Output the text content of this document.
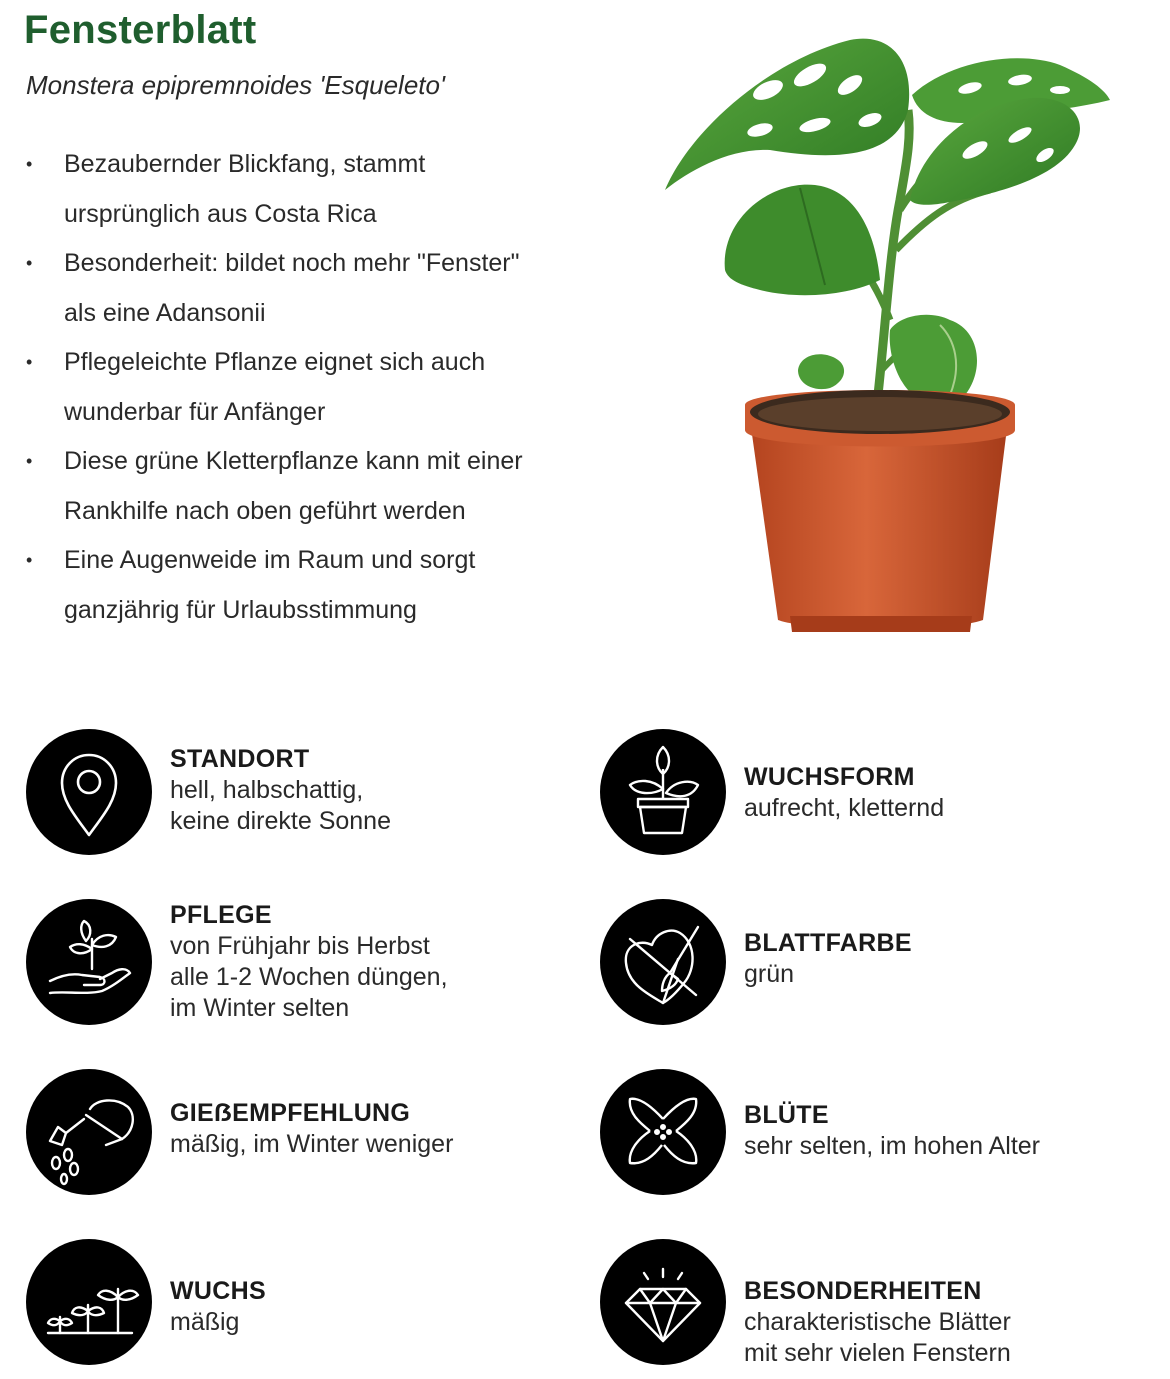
Fensterblatt
Monstera epipremnoides 'Esqueleto'
• Bezaubernder Blickfang, stammt
ursprünglich aus Costa Rica
• Besonderheit: bildet noch mehr "Fenster"
als eine Adansonii
• Pflegeleichte Pflanze eignet sich auch
wunderbar für Anfänger
• Diese grüne Kletterpflanze kann mit einer
Rankhilfe nach oben geführt werden
• Eine Augenweide im Raum und sorgt
ganzjährig für Urlaubsstimmung
STANDORT
hell, halbschattig,
keine direkte Sonne
WUCHSFORM
aufrecht, kletternd
PFLEGE
von Frühjahr bis Herbst
alle 1-2 Wochen düngen,
im Winter selten
BLATTFARBE
grün
GIEẞEMPFEHLUNG
mäßig, im Winter weniger
BLÜTE
sehr selten, im hohen Alter
WUCHS
mäßig
BESONDERHEITEN
charakteristische Blätter
mit sehr vielen Fenstern
